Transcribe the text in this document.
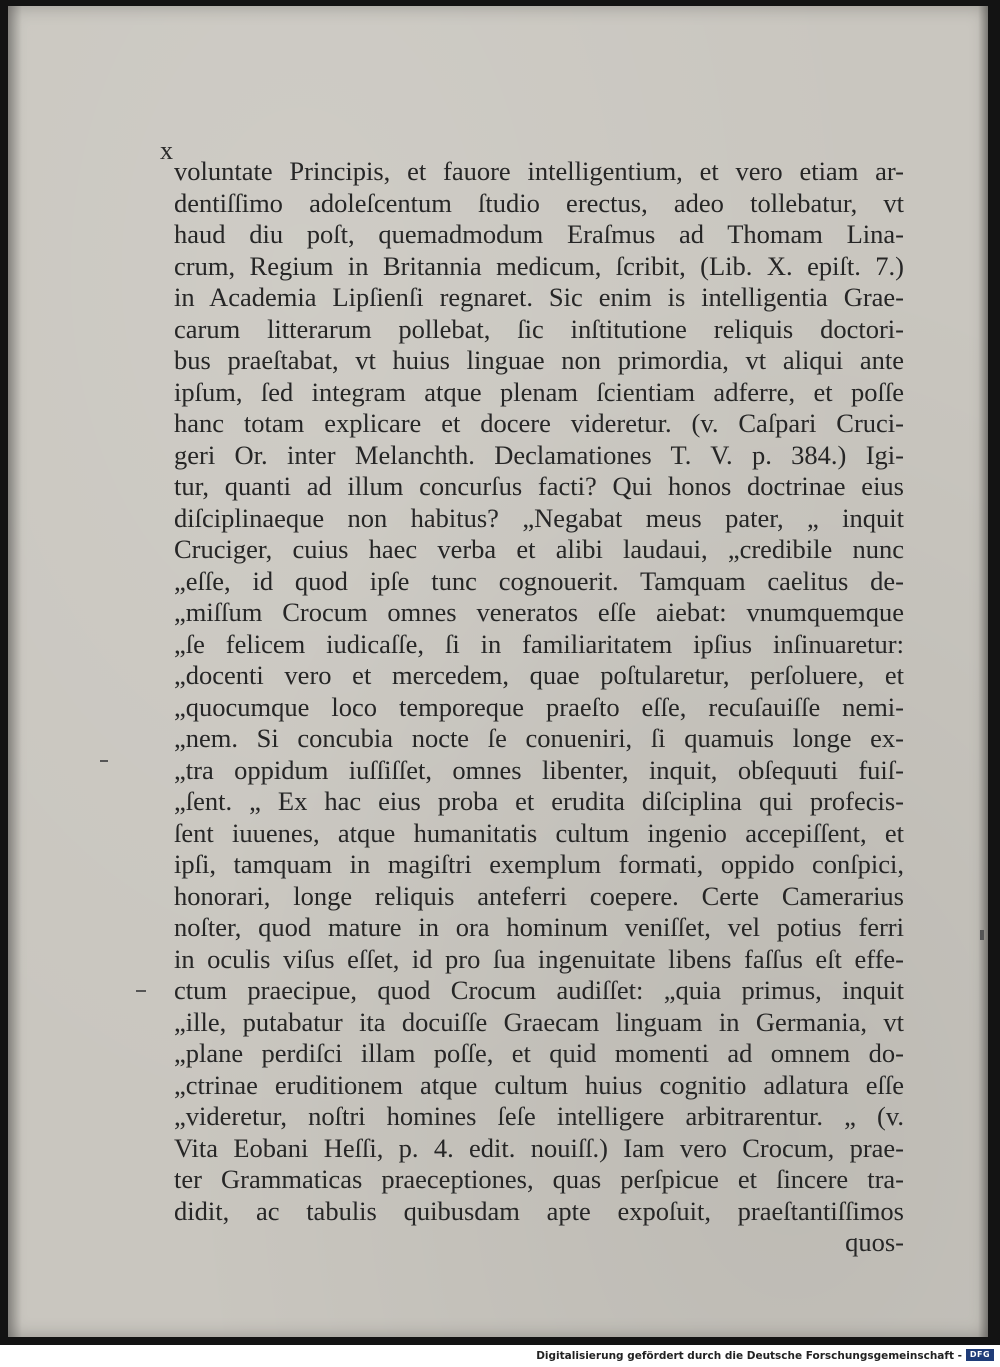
x
voluntate Principis, et fauore intelligentium, et vero etiam ar-
dentiſſimo adoleſcentum ſtudio erectus, adeo tollebatur, vt
haud diu poſt, quemadmodum Eraſmus ad Thomam Lina-
crum, Regium in Britannia medicum, ſcribit, (Lib. X. epiſt. 7.)
in Academia Lipſienſi regnaret. Sic enim is intelligentia Grae-
carum litterarum pollebat, ſic inſtitutione reliquis doctori-
bus praeſtabat, vt huius linguae non primordia, vt aliqui ante
ipſum, ſed integram atque plenam ſcientiam adferre, et poſſe
hanc totam explicare et docere videretur. (v. Caſpari Cruci-
geri Or. inter Melanchth. Declamationes T. V. p. 384.) Igi-
tur, quanti ad illum concurſus facti? Qui honos doctrinae eius
diſciplinaeque non habitus? „Negabat meus pater, „ inquit
Cruciger, cuius haec verba et alibi laudaui, „credibile nunc
„eſſe, id quod ipſe tunc cognouerit. Tamquam caelitus de-
„miſſum Crocum omnes veneratos eſſe aiebat: vnumquemque
„ſe felicem iudicaſſe, ſi in familiaritatem ipſius inſinuaretur:
„docenti vero et mercedem, quae poſtularetur, perſoluere, et
„quocumque loco temporeque praeſto eſſe, recuſauiſſe nemi-
„nem. Si concubia nocte ſe conueniri, ſi quamuis longe ex-
„tra oppidum iuſſiſſet, omnes libenter, inquit, obſequuti fuiſ-
„ſent. „ Ex hac eius proba et erudita diſciplina qui profecis-
ſent iuuenes, atque humanitatis cultum ingenio accepiſſent, et
ipſi, tamquam in magiſtri exemplum formati, oppido conſpici,
honorari, longe reliquis anteferri coepere. Certe Camerarius
noſter, quod mature in ora hominum veniſſet, vel potius ferri
in oculis viſus eſſet, id pro ſua ingenuitate libens faſſus eſt effe-
ctum praecipue, quod Crocum audiſſet: „quia primus, inquit
„ille, putabatur ita docuiſſe Graecam linguam in Germania, vt
„plane perdiſci illam poſſe, et quid momenti ad omnem do-
„ctrinae eruditionem atque cultum huius cognitio adlatura eſſe
„videretur, noſtri homines ſeſe intelligere arbitrarentur. „ (v.
Vita Eobani Heſſi, p. 4. edit. nouiſſ.) Iam vero Crocum, prae-
ter Grammaticas praeceptiones, quas perſpicue et ſincere tra-
didit, ac tabulis quibusdam apte expoſuit, praeſtantiſſimos
quos-
Digitalisierung gefördert durch die Deutsche Forschungsgemeinschaft - DFG
